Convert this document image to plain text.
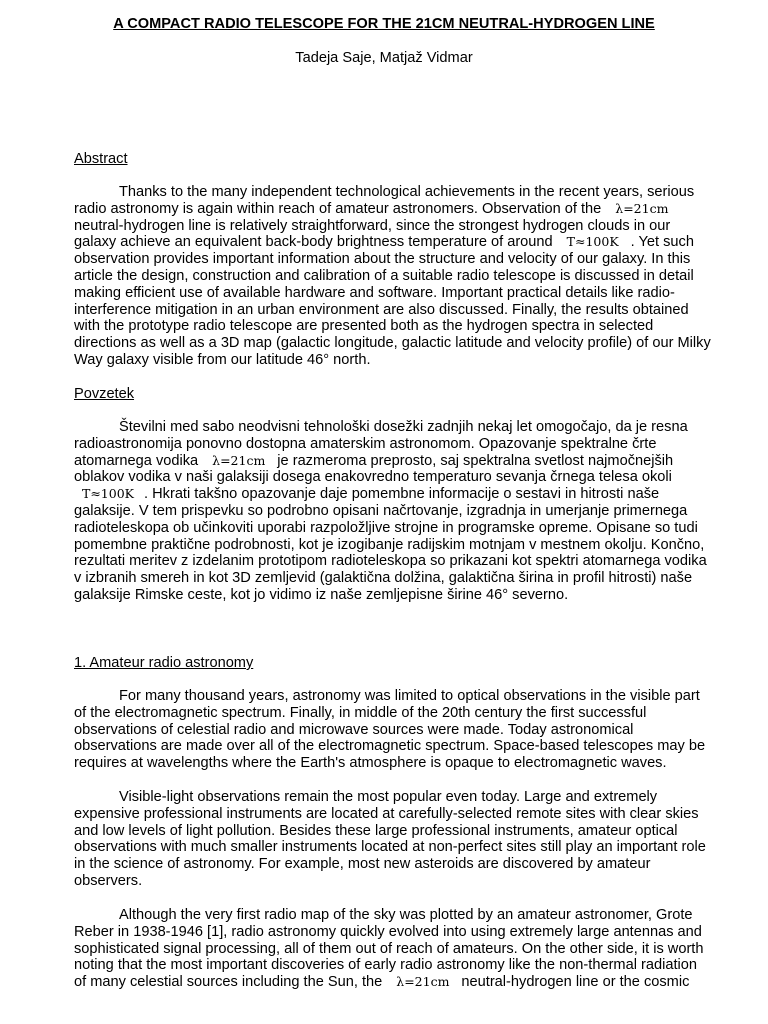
A COMPACT RADIO TELESCOPE FOR THE 21CM NEUTRAL-HYDROGEN LINE
Tadeja Saje, Matjaž Vidmar
Abstract
Thanks to the many independent technological achievements in the recent years, serious
radio astronomy is again within reach of amateur astronomers. Observation of the λ=21cm
neutral-hydrogen line is relatively straightforward, since the strongest hydrogen clouds in our
galaxy achieve an equivalent back-body brightness temperature of around T≈100K . Yet such
observation provides important information about the structure and velocity of our galaxy. In this
article the design, construction and calibration of a suitable radio telescope is discussed in detail
making efficient use of available hardware and software. Important practical details like radio-
interference mitigation in an urban environment are also discussed. Finally, the results obtained
with the prototype radio telescope are presented both as the hydrogen spectra in selected
directions as well as a 3D map (galactic longitude, galactic latitude and velocity profile) of our Milky
Way galaxy visible from our latitude 46° north.
Povzetek
Številni med sabo neodvisni tehnološki dosežki zadnjih nekaj let omogočajo, da je resna
radioastronomija ponovno dostopna amaterskim astronomom. Opazovanje spektralne črte
atomarnega vodika λ=21cm je razmeroma preprosto, saj spektralna svetlost najmočnejših
oblakov vodika v naši galaksiji dosega enakovredno temperaturo sevanja črnega telesa okoli
T≈100K . Hkrati takšno opazovanje daje pomembne informacije o sestavi in hitrosti naše
galaksije. V tem prispevku so podrobno opisani načrtovanje, izgradnja in umerjanje primernega
radioteleskopa ob učinkoviti uporabi razpoložljive strojne in programske opreme. Opisane so tudi
pomembne praktične podrobnosti, kot je izogibanje radijskim motnjam v mestnem okolju. Končno,
rezultati meritev z izdelanim prototipom radioteleskopa so prikazani kot spektri atomarnega vodika
v izbranih smereh in kot 3D zemljevid (galaktična dolžina, galaktična širina in profil hitrosti) naše
galaksije Rimske ceste, kot jo vidimo iz naše zemljepisne širine 46° severno.
1. Amateur radio astronomy
For many thousand years, astronomy was limited to optical observations in the visible part
of the electromagnetic spectrum. Finally, in middle of the 20th century the first successful
observations of celestial radio and microwave sources were made. Today astronomical
observations are made over all of the electromagnetic spectrum. Space-based telescopes may be
requires at wavelengths where the Earth's atmosphere is opaque to electromagnetic waves.
Visible-light observations remain the most popular even today. Large and extremely
expensive professional instruments are located at carefully-selected remote sites with clear skies
and low levels of light pollution. Besides these large professional instruments, amateur optical
observations with much smaller instruments located at non-perfect sites still play an important role
in the science of astronomy. For example, most new asteroids are discovered by amateur
observers.
Although the very first radio map of the sky was plotted by an amateur astronomer, Grote
Reber in 1938-1946 [1], radio astronomy quickly evolved into using extremely large antennas and
sophisticated signal processing, all of them out of reach of amateurs. On the other side, it is worth
noting that the most important discoveries of early radio astronomy like the non-thermal radiation
of many celestial sources including the Sun, the λ=21cm neutral-hydrogen line or the cosmic
